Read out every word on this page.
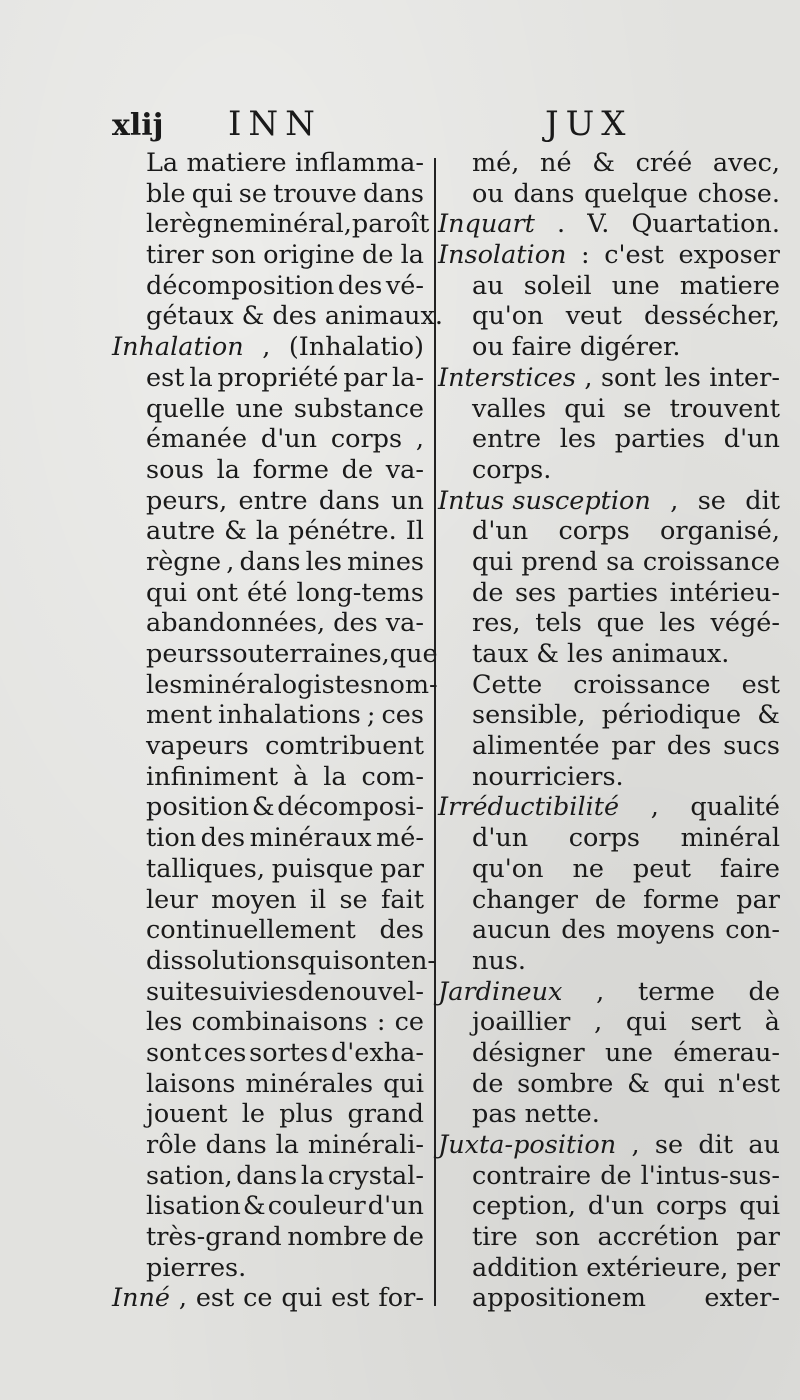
xlij INN	JUX
La matiere inflamma-
ble qui se trouve dans
le règne minéral, paroît
tirer son origine de la
décomposition des vé-
gétaux & des animaux.
Inhalation , (Inhalatio)
est la propriété par la-
quelle une substance
émanée d'un corps ,
sous la forme de va-
peurs, entre dans un
autre & la pénétre. Il
règne , dans les mines
qui ont été long-tems
abandonnées, des va-
peurs souterraines, que
les minéralogistes nom-
ment inhalations ; ces
vapeurs comtribuent
infiniment à la com-
position & décomposi-
tion des minéraux mé-
talliques, puisque par
leur moyen il se fait
continuellement des
dissolutions qui sont en-
suite suivies de nouvel-
les combinaisons : ce
sont ces sortes d'exha-
laisons minérales qui
jouent le plus grand
rôle dans la minérali-
sation, dans la crystal-
lisation & couleur d'un
très-grand nombre de
pierres.
Inné , est ce qui est for-
mé, né & créé avec,
ou dans quelque chose.
Inquart . V. Quartation.
Insolation : c'est exposer
au soleil une matiere
qu'on veut dessécher,
ou faire digérer.
Interstices , sont les inter-
valles qui se trouvent
entre les parties d'un
corps.
Intus susception , se dit
d'un corps organisé,
qui prend sa croissance
de ses parties intérieu-
res, tels que les végé-
taux & les animaux.
Cette croissance est
sensible, périodique &
alimentée par des sucs
nourriciers.
Irréductibilité , qualité
d'un corps minéral
qu'on ne peut faire
changer de forme par
aucun des moyens con-
nus.
Jardineux , terme de
joaillier , qui sert à
désigner une émerau-
de sombre & qui n'est
pas nette.
Juxta-position , se dit au
contraire de l'intus-sus-
ception, d'un corps qui
tire son accrétion par
addition extérieure, per
appositionem exter-
